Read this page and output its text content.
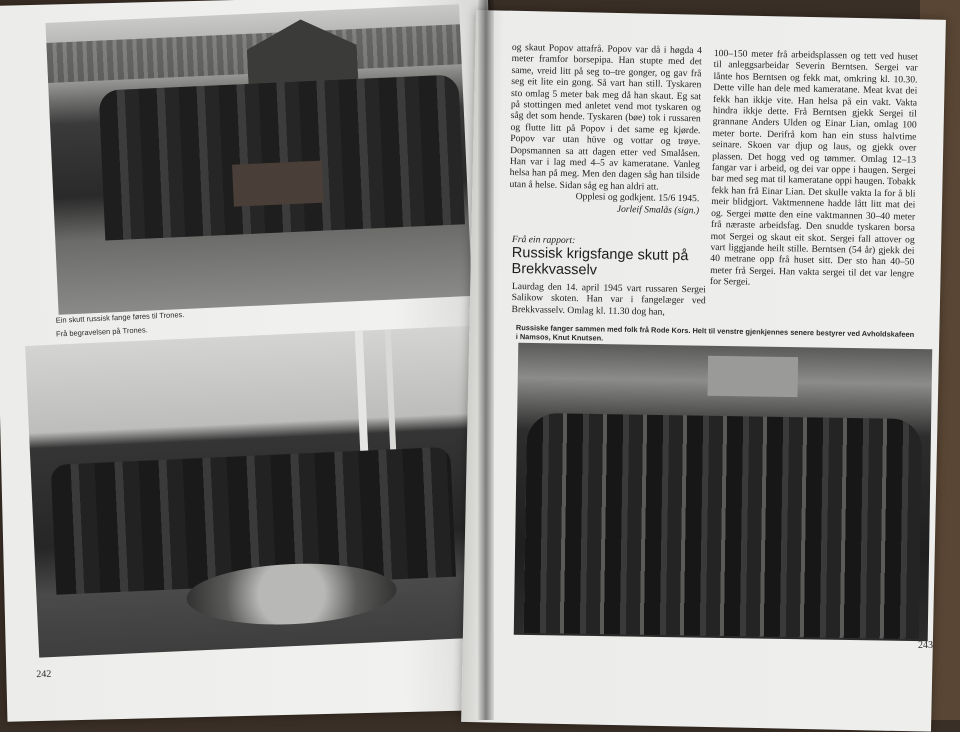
Ein skutt russisk fange føres til Trones.
Frå begravelsen på Trones.
242

og skaut Popov attafrå. Popov var då i høgda 4 meter framfor borsepipa. Han stupte med det same, vreid litt på seg to–tre gonger, og gav frå seg eit lite ein gong. Så vart han still. Tyskaren sto omlag 5 meter bak meg då han skaut. Eg sat på stottingen med anletet vend mot tyskaren og såg det som hende. Tyskaren (bøe) tok i russaren og flutte litt på Popov i det same eg kjørde. Popov var utan hüve og vottar og trøye. Dopsmannen sa att dagen etter ved Smalåsen. Han var i lag med 4–5 av kameratane. Vanleg helsa han på meg. Men den dagen såg han tilside utan å helse. Sidan såg eg han aldri att.

Opplesi og godkjent. 15/6 1945.

Jorleif Smalås (sign.)

Frå ein rapport:
Russisk krigsfange skutt på Brekkvasselv
Laurdag den 14. april 1945 vart russaren Sergei Salikow skoten. Han var i fangelæger ved Brekkvasselv. Omlag kl. 11.30 dog han,

100–150 meter frå arbeidsplassen og tett ved huset til anleggsarbeidar Severin Berntsen. Sergei var lånte hos Berntsen og fekk mat, omkring kl. 10.30. Dette ville han dele med kameratane. Meat kvat dei fekk han ikkje vite. Han helsa på ein vakt. Vakta hindra ikkje dette. Frå Berntsen gjekk Sergei til grannane Anders Ulden og Einar Lian, omlag 100 meter borte. Derifrå kom han ein stuss halvtime seinare. Skoen var djup og laus, og gjekk over plassen. Det hogg ved og tømmer. Omlag 12–13 fangar var i arbeid, og dei var oppe i haugen. Sergei bar med seg mat til kameratane oppi haugen. Tobakk fekk han frå Einar Lian. Det skulle vakta la for å bli meir blidgjort. Vaktmennene hadde lått litt mat dei og. Sergei møtte den eine vaktmannen 30–40 meter frå næraste arbeidsfag. Den snudde tyskaren borsa mot Sergei og skaut eit skot. Sergei fall attover og vart liggjande heilt stille. Berntsen (54 år) gjekk dei 40 metrane opp frå huset sitt. Der sto han 40–50 meter frå Sergei. Han vakta sergei til det var lengre for Sergei.

Russiske fanger sammen med folk frå Rode Kors. Helt til venstre gjenkjennes senere bestyrer ved Avholdskafeen i Namsos, Knut Knutsen.
243
